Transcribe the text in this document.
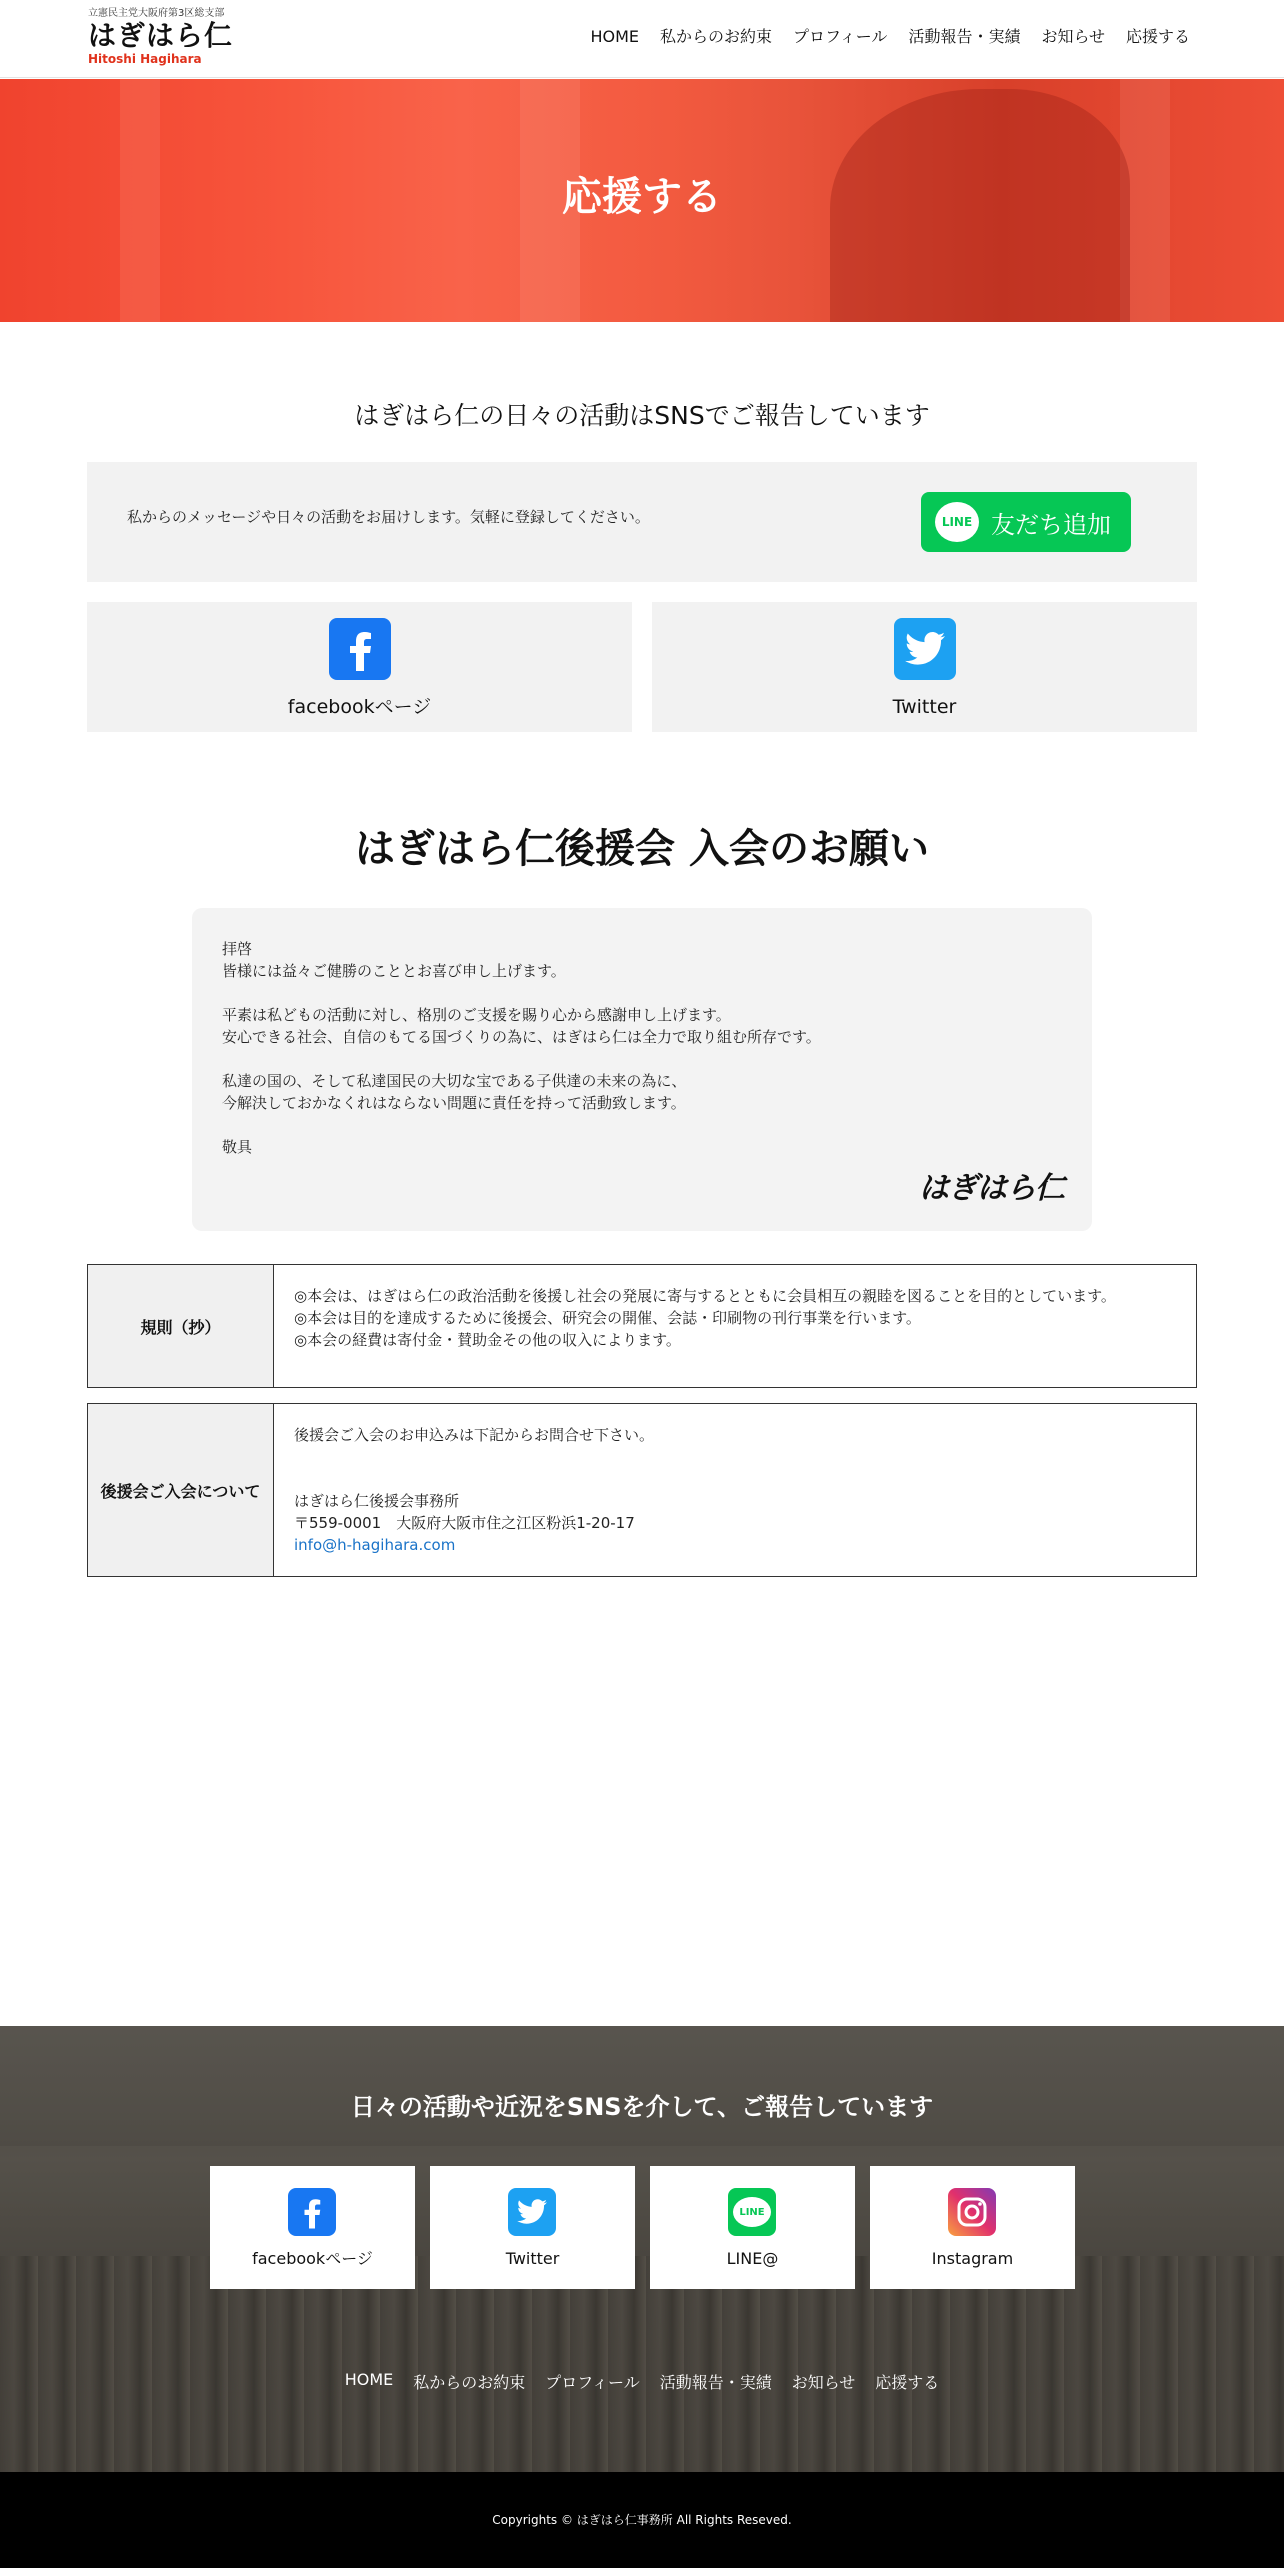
立憲民主党大阪府第3区総支部
はぎはら仁
Hitoshi Hagihara
HOME 私からのお約束 プロフィール 活動報告・実績 お知らせ 応援する
応援する
はぎはら仁の日々の活動はSNSでご報告しています
私からのメッセージや日々の活動をお届けします。気軽に登録してください。	LINE 友だち追加
facebookページ	Twitter
はぎはら仁後援会 入会のお願い

拝啓
皆様には益々ご健勝のこととお喜び申し上げます。

平素は私どもの活動に対し、格別のご支援を賜り心から感謝申し上げます。
安心できる社会、自信のもてる国づくりの為に、はぎはら仁は全力で取り組む所存です。

私達の国の、そして私達国民の大切な宝である子供達の未来の為に、
今解決しておかなくれはならない問題に責任を持って活動致します。

敬具

はぎはら仁
規則（抄）
◎本会は、はぎはら仁の政治活動を後援し社会の発展に寄与するとともに会員相互の親睦を図ることを目的としています。
◎本会は目的を達成するために後援会、研究会の開催、会誌・印刷物の刊行事業を行います。
◎本会の経費は寄付金・賛助金その他の収入によります。
後援会ご入会について
後援会ご入会のお申込みは下記からお問合せ下さい。
はぎはら仁後援会事務所
〒559-0001　大阪府大阪市住之江区粉浜1-20-17
info@h-hagihara.com
日々の活動や近況をSNSを介して、ご報告しています
facebookページ	Twitter
LINE
LINE@	Instagram
HOME 私からのお約束 プロフィール 活動報告・実績 お知らせ 応援する
Copyrights © はぎはら仁事務所 All Rights Reseved.
